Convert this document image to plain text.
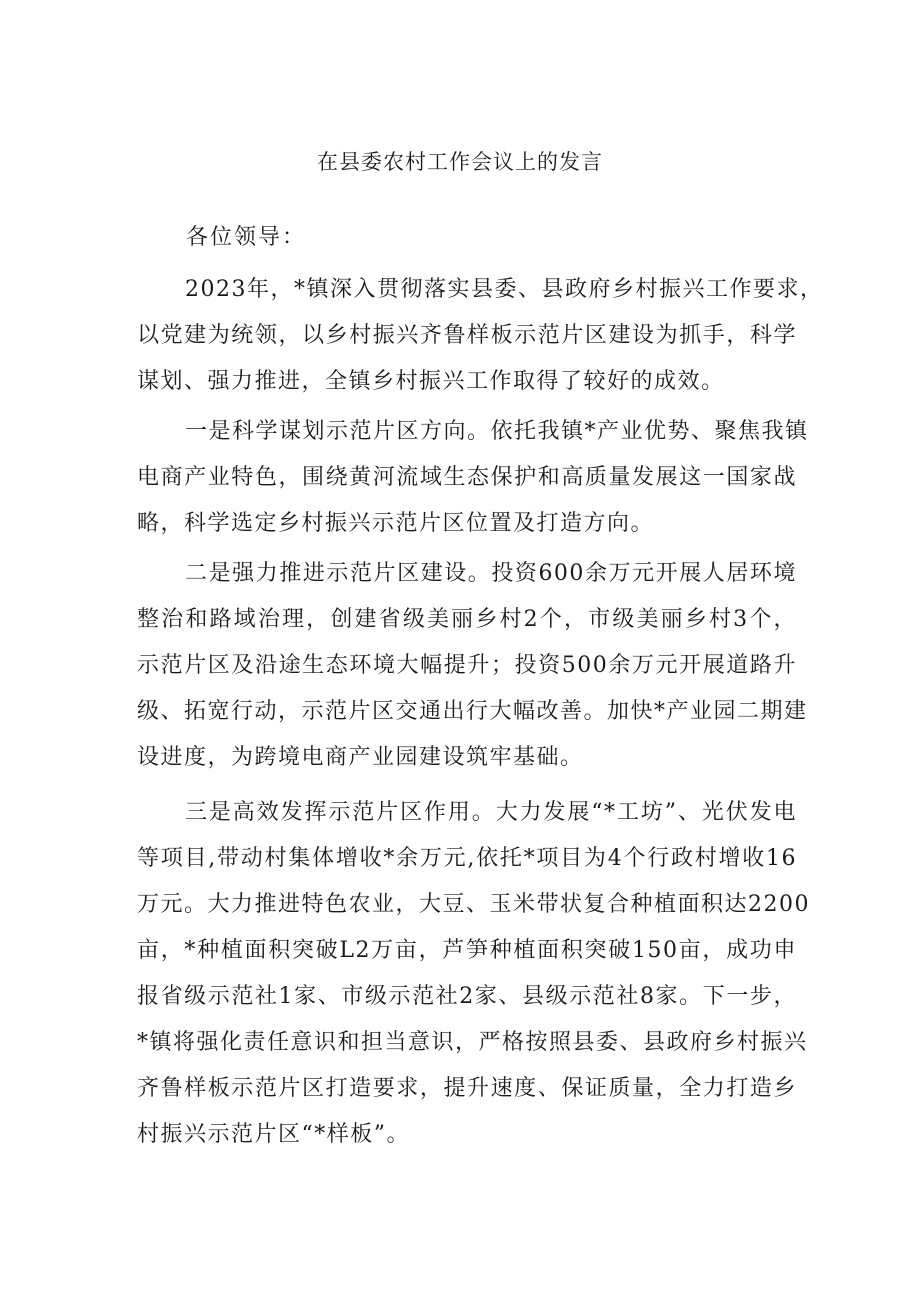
在县委农村工作会议上的发言
各位领导：
2023年，*镇深入贯彻落实县委、县政府乡村振兴工作要求，
以党建为统领，以乡村振兴齐鲁样板示范片区建设为抓手，科学
谋划、强力推进，全镇乡村振兴工作取得了较好的成效。
一是科学谋划示范片区方向。依托我镇*产业优势、聚焦我镇
电商产业特色，围绕黄河流域生态保护和高质量发展这一国家战
略，科学选定乡村振兴示范片区位置及打造方向。
二是强力推进示范片区建设。投资600余万元开展人居环境
整治和路域治理，创建省级美丽乡村2个，市级美丽乡村3个，
示范片区及沿途生态环境大幅提升；投资500余万元开展道路升
级、拓宽行动，示范片区交通出行大幅改善。加快*产业园二期建
设进度，为跨境电商产业园建设筑牢基础。
三是高效发挥示范片区作用。大力发展“*工坊”、光伏发电
等项目,带动村集体增收*余万元,依托*项目为4个行政村增收16
万元。大力推进特色农业，大豆、玉米带状复合种植面积达2200
亩，*种植面积突破L2万亩，芦笋种植面积突破150亩，成功申
报省级示范社1家、市级示范社2家、县级示范社8家。下一步，
*镇将强化责任意识和担当意识，严格按照县委、县政府乡村振兴
齐鲁样板示范片区打造要求，提升速度、保证质量，全力打造乡
村振兴示范片区“*样板”。
